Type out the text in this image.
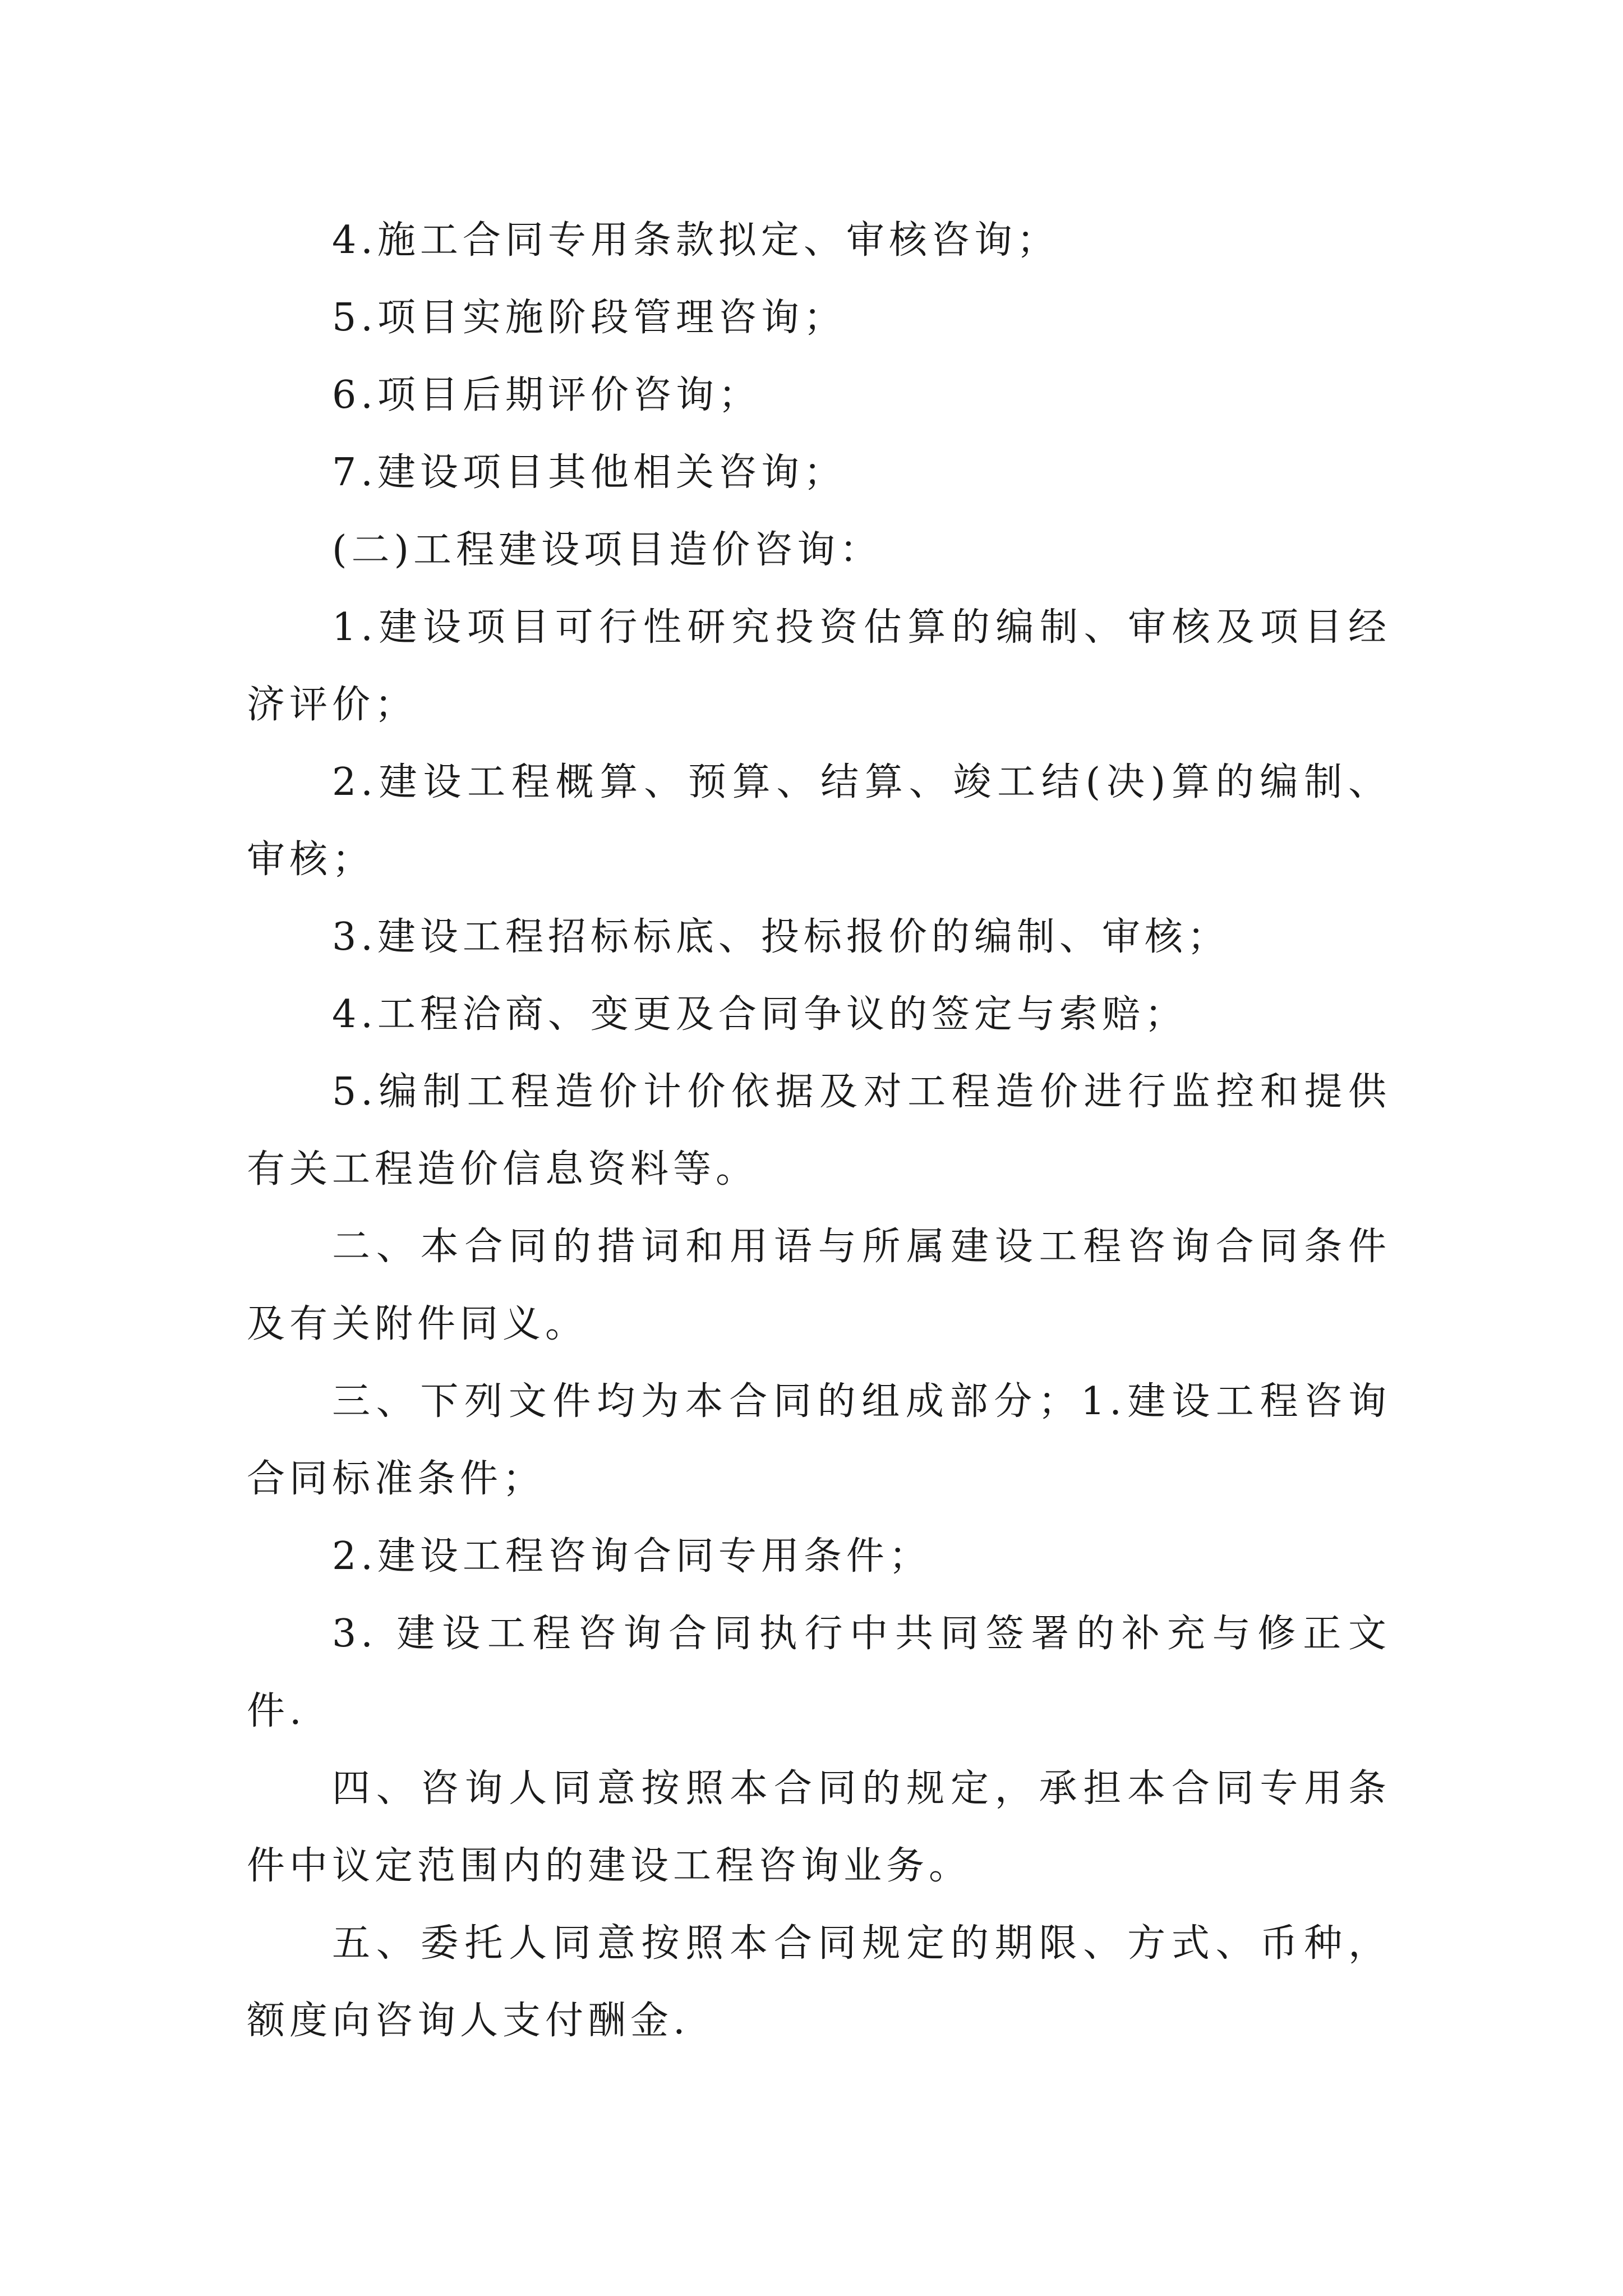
4.施工合同专用条款拟定、审核咨询；

5.项目实施阶段管理咨询；

6.项目后期评价咨询；

7.建设项目其他相关咨询；

(二)工程建设项目造价咨询：

1.建设项目可行性研究投资估算的编制、审核及项目经济评价；

2.建设工程概算、预算、结算、竣工结(决)算的编制、审核；

3.建设工程招标标底、投标报价的编制、审核；

4.工程洽商、变更及合同争议的签定与索赔；

5.编制工程造价计价依据及对工程造价进行监控和提供有关工程造价信息资料等。

二、本合同的措词和用语与所属建设工程咨询合同条件及有关附件同义。

三、下列文件均为本合同的组成部分；1.建设工程咨询合同标准条件；

2.建设工程咨询合同专用条件；

3. 建设工程咨询合同执行中共同签署的补充与修正文件.

四、咨询人同意按照本合同的规定，承担本合同专用条件中议定范围内的建设工程咨询业务。

五、委托人同意按照本合同规定的期限、方式、币种，额度向咨询人支付酬金.
